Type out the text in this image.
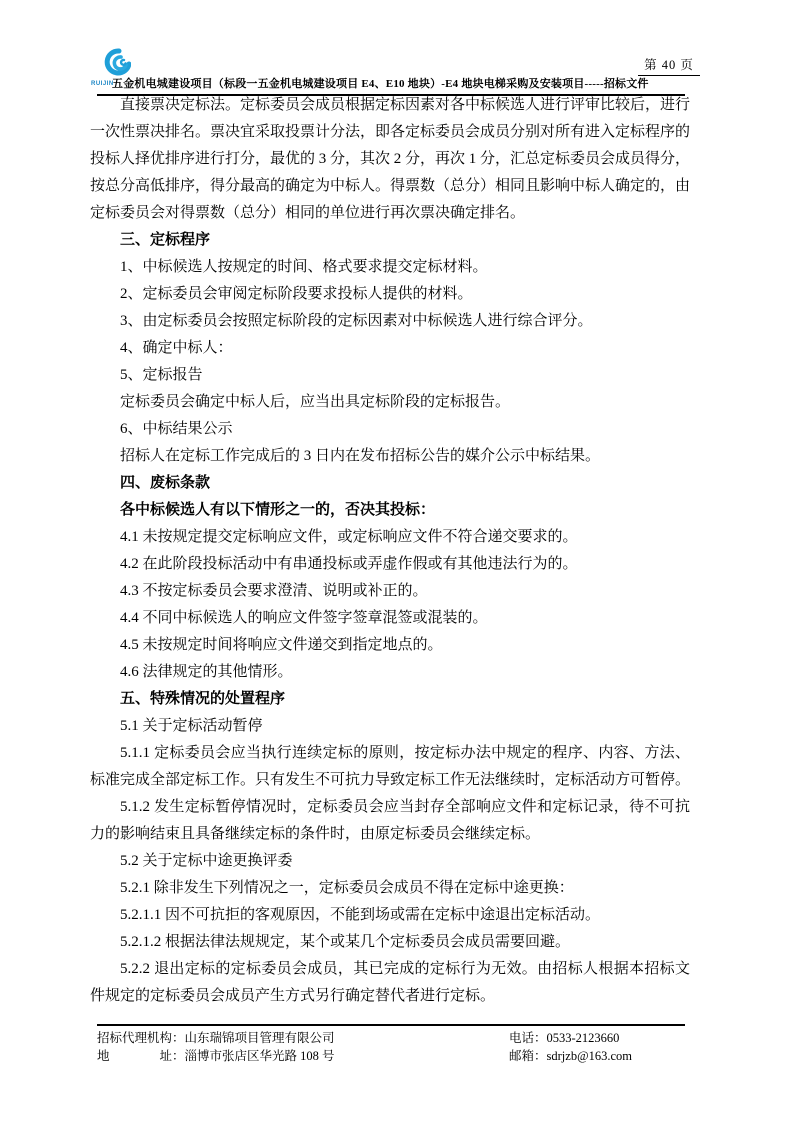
RUIJIN
五金机电城建设项目（标段一五金机电城建设项目 E4、E10 地块）-E4 地块电梯采购及安装项目-----招标文件
第 40 页

直接票决定标法。定标委员会成员根据定标因素对各中标候选人进行评审比较后，进行一次性票决排名。票决宜采取投票计分法，即各定标委员会成员分别对所有进入定标程序的投标人择优排序进行打分，最优的 3 分，其次 2 分，再次 1 分，汇总定标委员会成员得分，按总分高低排序，得分最高的确定为中标人。得票数（总分）相同且影响中标人确定的，由定标委员会对得票数（总分）相同的单位进行再次票决确定排名。

三、定标程序

1、中标候选人按规定的时间、格式要求提交定标材料。

2、定标委员会审阅定标阶段要求投标人提供的材料。

3、由定标委员会按照定标阶段的定标因素对中标候选人进行综合评分。

4、确定中标人：

5、定标报告

定标委员会确定中标人后，应当出具定标阶段的定标报告。

6、中标结果公示

招标人在定标工作完成后的 3 日内在发布招标公告的媒介公示中标结果。

四、废标条款

各中标候选人有以下情形之一的，否决其投标：

4.1 未按规定提交定标响应文件，或定标响应文件不符合递交要求的。

4.2 在此阶段投标活动中有串通投标或弄虚作假或有其他违法行为的。

4.3 不按定标委员会要求澄清、说明或补正的。

4.4 不同中标候选人的响应文件签字签章混签或混装的。

4.5 未按规定时间将响应文件递交到指定地点的。

4.6 法律规定的其他情形。

五、特殊情况的处置程序

5.1 关于定标活动暂停

5.1.1 定标委员会应当执行连续定标的原则，按定标办法中规定的程序、内容、方法、标准完成全部定标工作。只有发生不可抗力导致定标工作无法继续时，定标活动方可暂停。

5.1.2 发生定标暂停情况时，定标委员会应当封存全部响应文件和定标记录，待不可抗力的影响结束且具备继续定标的条件时，由原定标委员会继续定标。

5.2 关于定标中途更换评委

5.2.1 除非发生下列情况之一，定标委员会成员不得在定标中途更换：

5.2.1.1 因不可抗拒的客观原因，不能到场或需在定标中途退出定标活动。

5.2.1.2 根据法律法规规定，某个或某几个定标委员会成员需要回避。

5.2.2 退出定标的定标委员会成员，其已完成的定标行为无效。由招标人根据本招标文件规定的定标委员会成员产生方式另行确定替代者进行定标。

招标代理机构：山东瑞锦项目管理有限公司	电话：0533-2123660
地　　　　址：淄博市张店区华光路 108 号	邮箱：sdrjzb@163.com
